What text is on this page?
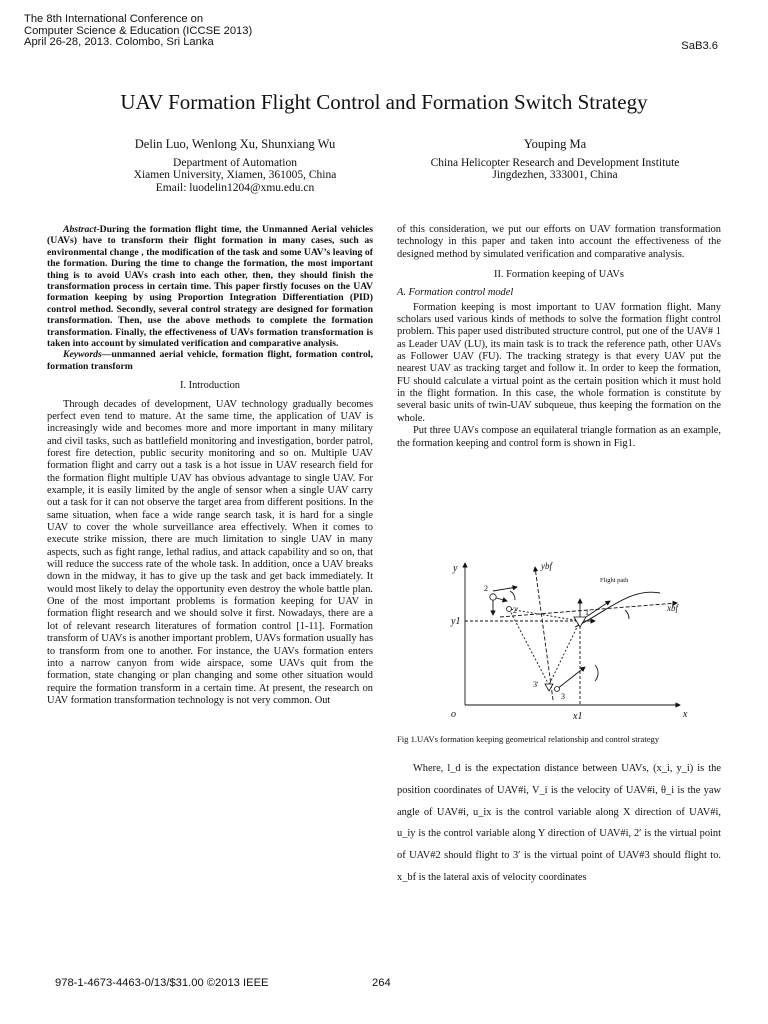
The 8th International Conference on
Computer Science & Education (ICCSE 2013)
April 26-28, 2013. Colombo, Sri Lanka	SaB3.6
UAV Formation Flight Control and Formation Switch Strategy
Delin Luo, Wenlong Xu, Shunxiang Wu
Department of Automation
Xiamen University, Xiamen, 361005, China
Email: luodelin1204@xmu.edu.cn
Youping Ma
China Helicopter Research and Development Institute
Jingdezhen, 333001, China

Abstract-During the formation flight time, the Unmanned Aerial vehicles (UAVs) have to transform their flight formation in many cases, such as environmental change , the modification of the task and some UAV’s leaving of the formation. During the time to change the formation, the most important thing is to avoid UAVs crash into each other, then, they should finish the transformation process in certain time. This paper firstly focuses on the UAV formation keeping by using Proportion Integration Differentiation (PID) control method. Secondly, several control strategy are designed for formation transformation. Then, use the above methods to complete the formation transformation. Finally, the effectiveness of UAVs formation transformation is taken into account by simulated verification and comparative analysis.

Keywords—unmanned aerial vehicle, formation flight, formation control, formation transform

I. Introduction

Through decades of development, UAV technology gradually becomes perfect even tend to mature. At the same time, the application of UAV is increasingly wide and becomes more and more important in many military and civil tasks, such as battlefield monitoring and investigation, border patrol, forest fire detection, public security monitoring and so on. Multiple UAV formation flight and carry out a task is a hot issue in UAV research field for the formation flight multiple UAV has obvious advantage to single UAV. For example, it is easily limited by the angle of sensor when a single UAV carry out a task for it can not observe the target area from different positions. In the same situation, when face a wide range search task, it is hard for a single UAV to cover the whole surveillance area effectively. When it comes to execute strike mission, there are much limitation to single UAV in many aspects, such as fight range, lethal radius, and attack capability and so on, that will reduce the success rate of the whole task. In addition, once a UAV breaks down in the midway, it has to give up the task and get back immediately. It would most likely to delay the opportunity even destroy the whole battle plan. One of the most important problems is formation keeping for UAV in formation flight research and we should solve it first. Nowadays, there are a lot of relevant research literatures of formation control [1-11]. Formation transform of UAVs is another important problem, UAVs formation usually has to transform from one to another. For instance, the UAVs formation enters into a narrow canyon from wide airspace, some UAVs quit from the formation, state changing or plan changing and some other situation would require the formation transform in a certain time. At present, the research on UAV formation transformation technology is not very common. Out

of this consideration, we put our efforts on UAV formation transformation technology in this paper and taken into account the effectiveness of the designed method by simulated verification and comparative analysis.

II. Formation keeping of UAVs
A. Formation control model

Formation keeping is most important to UAV formation flight. Many scholars used various kinds of methods to solve the formation flight control problem. This paper used distributed structure control, put one of the UAV# 1 as Leader UAV (LU), its main task is to track the reference path, other UAVs as Follower UAV (FU). The tracking strategy is that every UAV put the nearest UAV as tracking target and follow it. In order to keep the formation, FU should calculate a virtual point as the certain position which it must hold in the flight formation. In this case, the whole formation is constitute by several basic units of twin-UAV subqueue, thus keeping the formation on the whole.

Put three UAVs compose an equilateral triangle formation as an example, the formation keeping and control form is shown in Fig1.

y
x
o	x1
y1
ybf
xbf
Flight path
1
2
2'
3
3'
Fig 1.UAVs formation keeping geometrical relationship and control strategy

Where, l_d is the expectation distance between UAVs, (x_i, y_i) is the position coordinates of UAV#i, V_i is the velocity of UAV#i, θ_i is the yaw angle of UAV#i, u_ix is the control variable along X direction of UAV#i, u_iy is the control variable along Y direction of UAV#i, 2′ is the virtual point of UAV#2 should flight to 3′ is the virtual point of UAV#3 should flight to. x_bf is the lateral axis of velocity coordinates

978-1-4673-4463-0/13/$31.00 ©2013 IEEE	264
